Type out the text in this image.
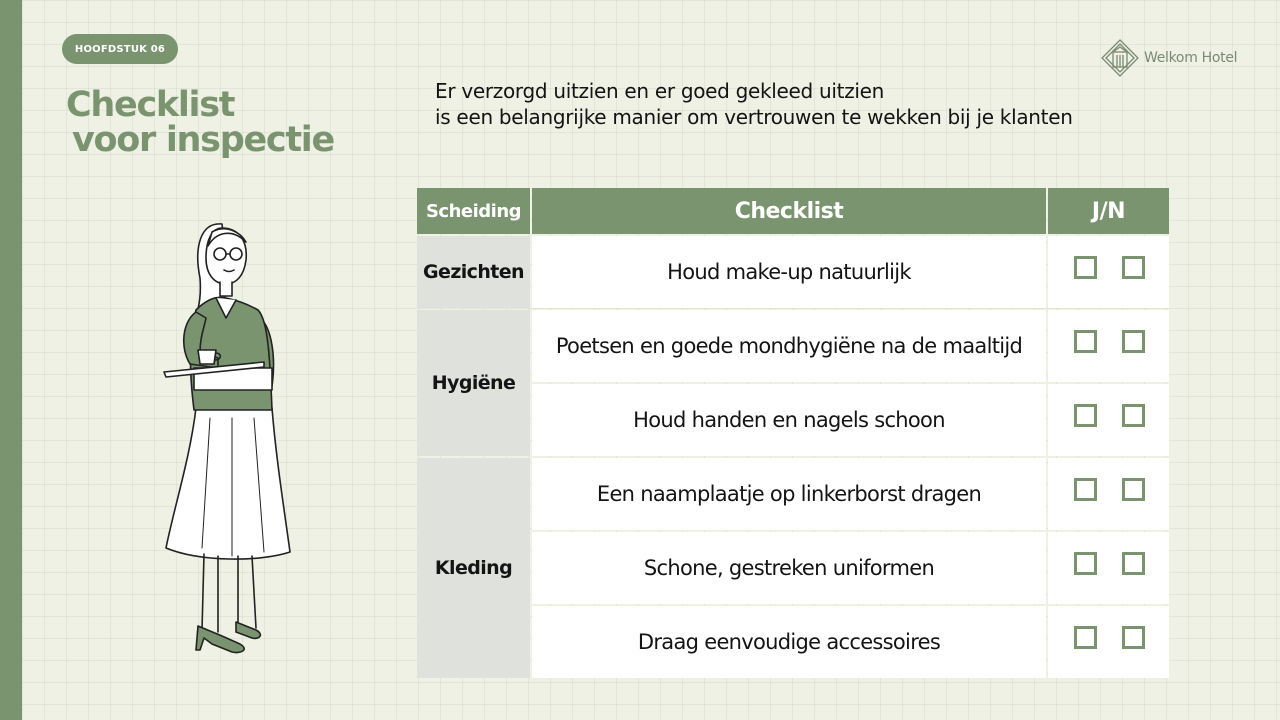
HOOFDSTUK 06
Checklist
voor inspectie
Welkom Hotel
Er verzorgd uitzien en er goed gekleed uitzien
is een belangrijke manier om vertrouwen te wekken bij je klanten
Scheiding	Checklist	J/N
Gezichten
Hygiëne
Kleding
Houd make-up natuurlijk
Poetsen en goede mondhygiëne na de maaltijd
Houd handen en nagels schoon
Een naamplaatje op linkerborst dragen
Schone, gestreken uniformen
Draag eenvoudige accessoires
